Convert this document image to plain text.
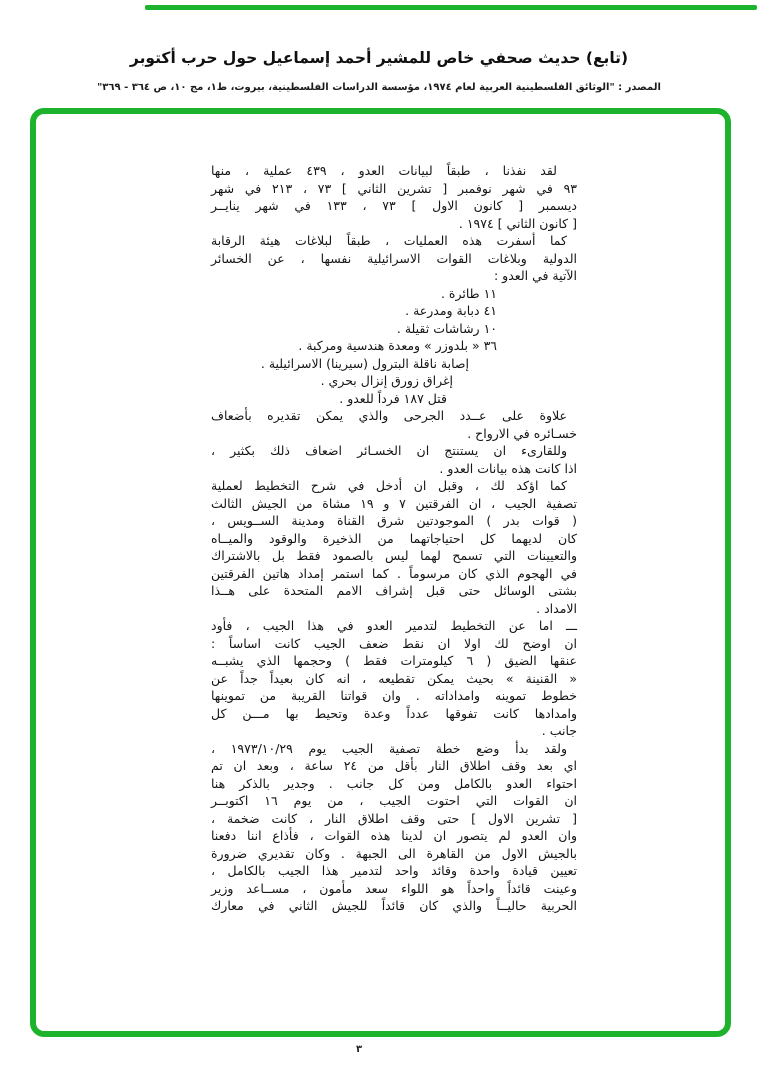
(تابع) حديث صحفي خاص للمشير أحمد إسماعيل حول حرب أكتوبر
المصدر : "الوثائق الفلسطينية العربية لعام ١٩٧٤، مؤسسة الدراسات الفلسطينية، بيروت، ط١، مج ١٠، ص ٣٦٤ - ٣٦٩"
لقد نفذنا ، طبقاً لبيانات العدو ، ٤٣٩ عملية ، منها
٩٣ في شهر نوفمبر [ تشرين الثاني ] ٧٣ ، ٢١٣ في شهر
ديسمبر [ كانون الاول ] ٧٣ ، ١٣٣ في شهر ينايــر
[ كانون الثاني ] ١٩٧٤ .
كما أسفرت هذه العمليات ، طبقاً لبلاغات هيئة الرقابة
الدولية وبلاغات القوات الاسرائيلية نفسها ، عن الخسائر
الآتية في العدو :
١١ طائرة .
٤١ دبابة ومدرعة .
١٠ رشاشات ثقيلة .
٣٦ « بلدوزر » ومعدة هندسية ومركبة .
إصابة ناقلة البترول (سيرينا) الاسرائيلية .
إغراق زورق إنزال بحري .
قتل ١٨٧ فرداً للعدو .
علاوة على عــدد الجرحى والذي يمكن تقديره بأضعاف
خسـائره في الارواح .
وللقارىء ان يستنتج ان الخسـائر اضعاف ذلك بكثير ،
اذا كانت هذه بيانات العدو .
كما اؤكد لك ، وقبل ان أدخل في شرح التخطيط لعملية
تصفية الجيب ، ان الفرقتين ٧ و ١٩ مشاة من الجيش الثالث
( قوات بدر ) الموجودتين شرق القناة ومدينة الســويس ،
كان لديهما كل احتياجاتهما من الذخيرة والوقود والميــاه
والتعيينات التي تسمح لهما ليس بالصمود فقط بل بالاشتراك
في الهجوم الذي كان مرسوماً . كما استمر إمداد هاتين الفرقتين
بشتى الوسائل حتى قبل إشراف الامم المتحدة على هــذا
الامداد .
ـــ اما عن التخطيط لتدمير العدو في هذا الجيب ، فأود
ان اوضح لك اولا ان نقط ضعف الجيب كانت اساساً :
عنقها الضيق ( ٦ كيلومترات فقط ) وحجمها الذي يشبــه
« القنينة » بحيث يمكن تقطيعه ، انه كان بعيداً جداً عن
خطوط تموينه وامداداته . وان قواتنا القريبة من تموينها
وامدادها كانت تفوقها عدداً وعدة وتحيط بها مـــن كل
جانب .
ولقد بدأ وضع خطة تصفية الجيب يوم ١٩٧٣/١٠/٢٩ ،
اي بعد وقف اطلاق النار بأقل من ٢٤ ساعة ، وبعد ان تم
احتواء العدو بالكامل ومن كل جانب . وجدير بالذكر هنا
ان القوات التي احتوت الجيب ، من يوم ١٦ اكتوبــر
[ تشرين الاول ] حتى وقف اطلاق النار ، كانت ضخمة ،
وان العدو لم يتصور ان لدينا هذه القوات ، فأذاع اننا دفعنا
بالجيش الاول من القاهرة الى الجبهة . وكان تقديري ضرورة
تعيين قيادة واحدة وقائد واحد لتدمير هذا الجيب بالكامل ،
وعينت قائداً واحداً هو اللواء سعد مأمون ، مســاعد وزير
الحربية حاليــاً والذي كان قائداً للجيش الثاني في معارك
٣
